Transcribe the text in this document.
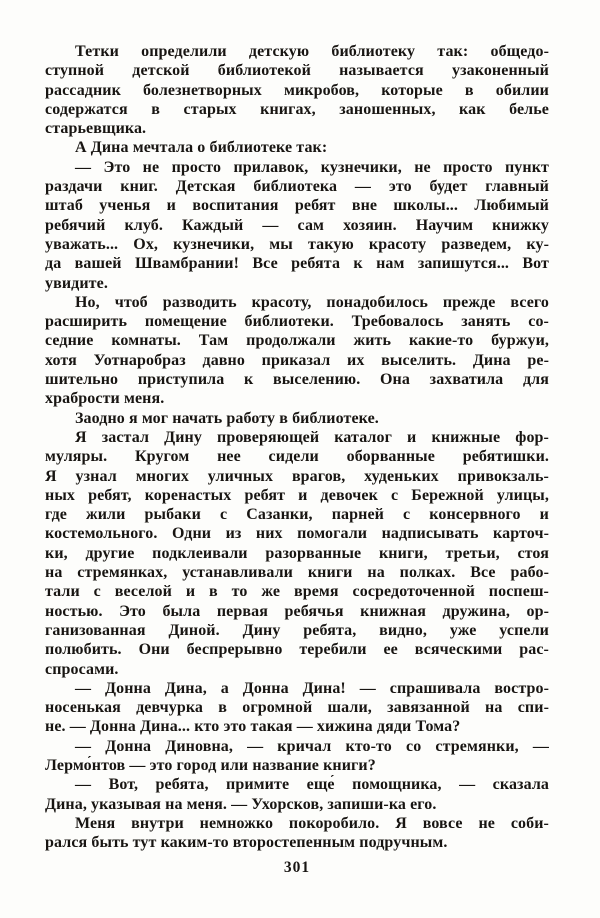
Тетки определили детскую библиотеку так: общедо-
ступной детской библиотекой называется узаконенный
рассадник болезнетворных микробов, которые в обилии
содержатся в старых книгах, заношенных, как белье
старьевщика.
А Дина мечтала о библиотеке так:
— Это не просто прилавок, кузнечики, не просто пункт
раздачи книг. Детская библиотека — это будет главный
штаб ученья и воспитания ребят вне школы... Любимый
ребячий клуб. Каждый — сам хозяин. Научим книжку
уважать... Ох, кузнечики, мы такую красоту разведем, ку-
да вашей Швамбрании! Все ребята к нам запишутся... Вот
увидите.
Но, чтоб разводить красоту, понадобилось прежде всего
расширить помещение библиотеки. Требовалось занять со-
седние комнаты. Там продолжали жить какие-то буржуи,
хотя Уотнаробраз давно приказал их выселить. Дина ре-
шительно приступила к выселению. Она захватила для
храбрости меня.
Заодно я мог начать работу в библиотеке.
Я застал Дину проверяющей каталог и книжные фор-
муляры. Кругом нее сидели оборванные ребятишки.
Я узнал многих уличных врагов, худеньких привокзаль-
ных ребят, коренастых ребят и девочек с Бережной улицы,
где жили рыбаки с Сазанки, парней с консервного и
костемольного. Одни из них помогали надписывать карточ-
ки, другие подклеивали разорванные книги, третьи, стоя
на стремянках, устанавливали книги на полках. Все рабо-
тали с веселой и в то же время сосредоточенной поспеш-
ностью. Это была первая ребячья книжная дружина, ор-
ганизованная Диной. Дину ребята, видно, уже успели
полюбить. Они беспрерывно теребили ее всяческими рас-
спросами.
— Донна Дина, а Донна Дина! — спрашивала востро-
носенькая девчурка в огромной шали, завязанной на спи-
не. — Донна Дина... кто это такая — хижина дяди Тома?
— Донна Диновна, — кричал кто-то со стремянки, —
Лермо́нтов — это город или название книги?
— Вот, ребята, примите еще́ помощника, — сказала
Дина, указывая на меня. — Ухорсков, запиши-ка его.
Меня внутри немножко покоробило. Я вовсе не соби-
рался быть тут каким-то второстепенным подручным.
301
